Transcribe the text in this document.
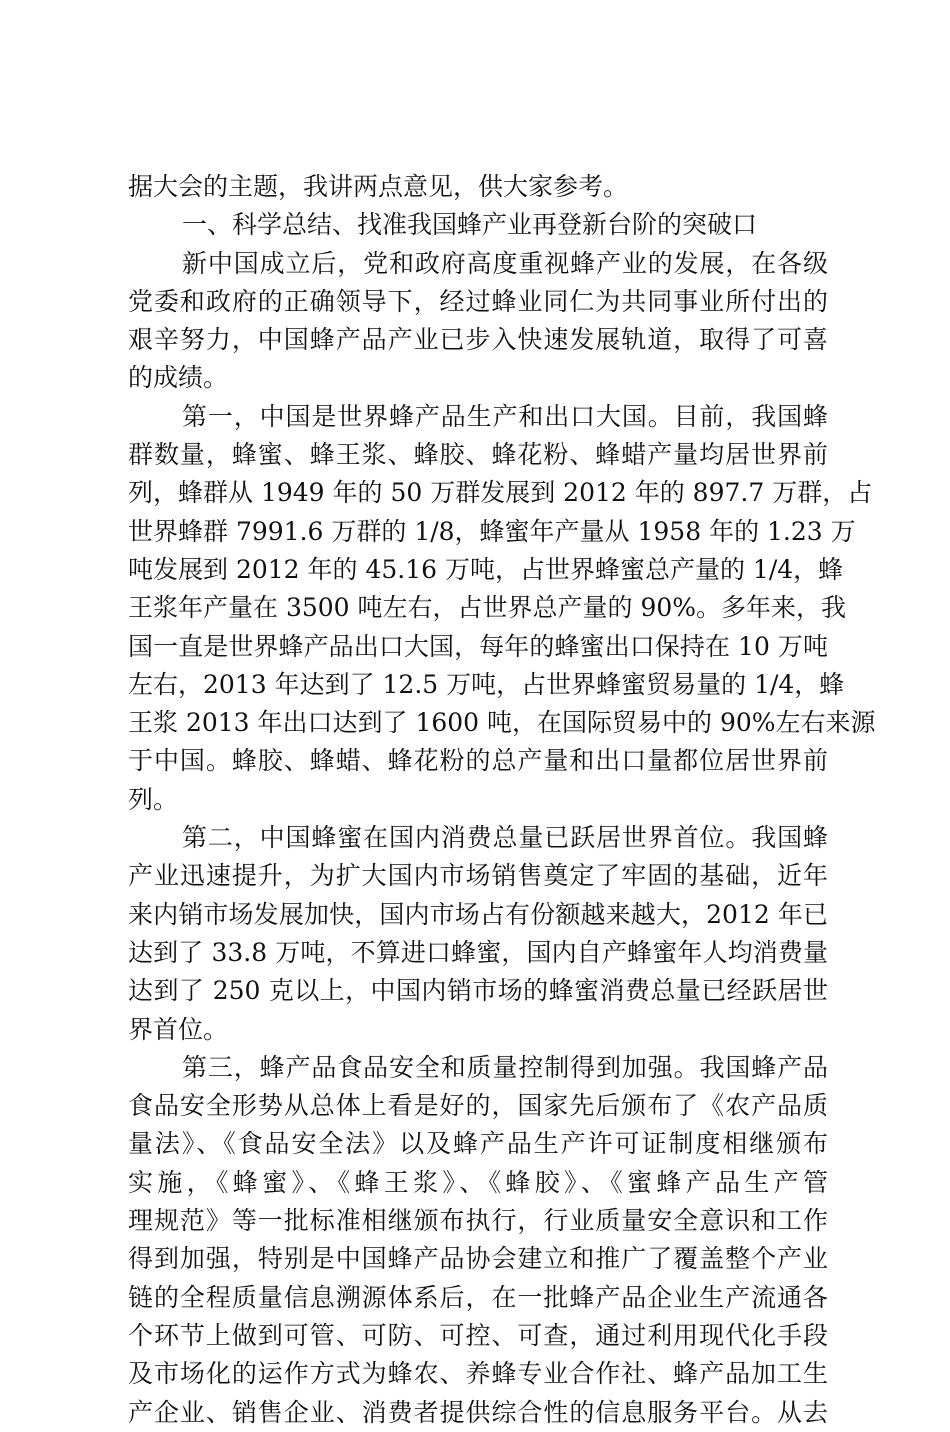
据大会的主题，我讲两点意见，供大家参考。
一、科学总结、找准我国蜂产业再登新台阶的突破口
新中国成立后，党和政府高度重视蜂产业的发展，在各级
党委和政府的正确领导下，经过蜂业同仁为共同事业所付出的
艰辛努力，中国蜂产品产业已步入快速发展轨道，取得了可喜
的成绩。
第一，中国是世界蜂产品生产和出口大国。目前，我国蜂
群数量，蜂蜜、蜂王浆、蜂胶、蜂花粉、蜂蜡产量均居世界前
列，蜂群从 1949 年的 50 万群发展到 2012 年的 897.7 万群，占
世界蜂群 7991.6 万群的 1/8，蜂蜜年产量从 1958 年的 1.23 万
吨发展到 2012 年的 45.16 万吨，占世界蜂蜜总产量的 1/4，蜂
王浆年产量在 3500 吨左右，占世界总产量的 90%。多年来，我
国一直是世界蜂产品出口大国，每年的蜂蜜出口保持在 10 万吨
左右，2013 年达到了 12.5 万吨，占世界蜂蜜贸易量的 1/4，蜂
王浆 2013 年出口达到了 1600 吨，在国际贸易中的 90%左右来源
于中国。蜂胶、蜂蜡、蜂花粉的总产量和出口量都位居世界前
列。
第二，中国蜂蜜在国内消费总量已跃居世界首位。我国蜂
产业迅速提升，为扩大国内市场销售奠定了牢固的基础，近年
来内销市场发展加快，国内市场占有份额越来越大，2012 年已
达到了 33.8 万吨，不算进口蜂蜜，国内自产蜂蜜年人均消费量
达到了 250 克以上，中国内销市场的蜂蜜消费总量已经跃居世
界首位。
第三，蜂产品食品安全和质量控制得到加强。我国蜂产品
食品安全形势从总体上看是好的，国家先后颁布了《农产品质
量法》、《食品安全法》以及蜂产品生产许可证制度相继颁布
实施，《蜂蜜》、《蜂王浆》、《蜂胶》、《蜜蜂产品生产管
理规范》等一批标准相继颁布执行，行业质量安全意识和工作
得到加强，特别是中国蜂产品协会建立和推广了覆盖整个产业
链的全程质量信息溯源体系后，在一批蜂产品企业生产流通各
个环节上做到可管、可防、可控、可查，通过利用现代化手段
及市场化的运作方式为蜂农、养蜂专业合作社、蜂产品加工生
产企业、销售企业、消费者提供综合性的信息服务平台。从去
